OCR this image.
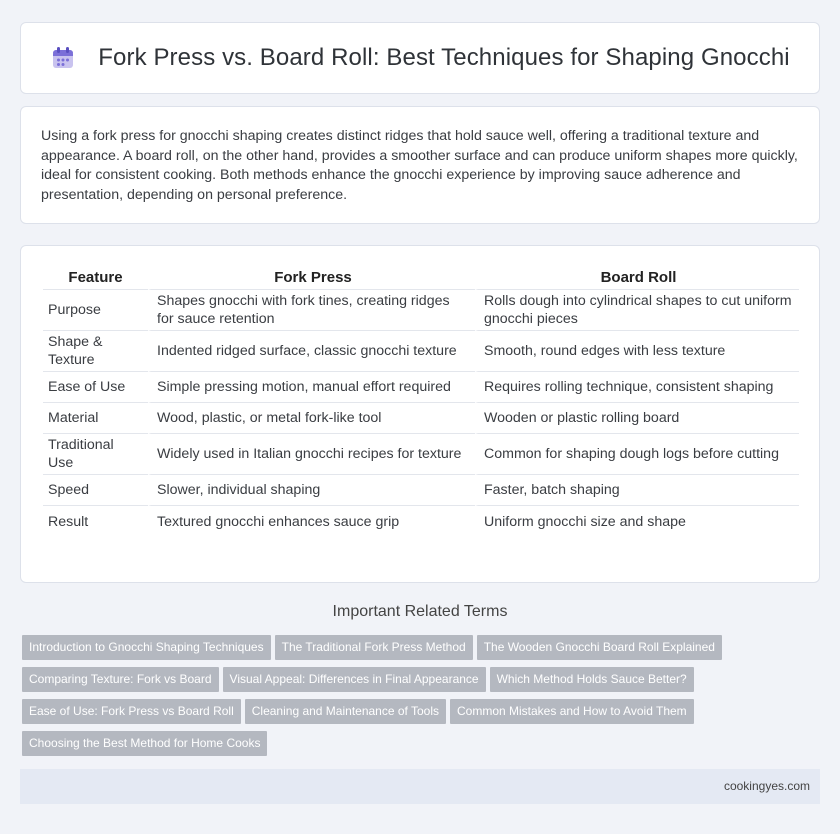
Fork Press vs. Board Roll: Best Techniques for Shaping Gnocchi

Using a fork press for gnocchi shaping creates distinct ridges that hold sauce well, offering a traditional texture and appearance. A board roll, on the other hand, provides a smoother surface and can produce uniform shapes more quickly, ideal for consistent cooking. Both methods enhance the gnocchi experience by improving sauce adherence and presentation, depending on personal preference.

Feature	Fork Press	Board Roll
Purpose	Shapes gnocchi with fork tines, creating ridges for sauce retention	Rolls dough into cylindrical shapes to cut uniform gnocchi pieces
Shape & Texture	Indented ridged surface, classic gnocchi texture	Smooth, round edges with less texture
Ease of Use	Simple pressing motion, manual effort required	Requires rolling technique, consistent shaping
Material	Wood, plastic, or metal fork-like tool	Wooden or plastic rolling board
Traditional Use	Widely used in Italian gnocchi recipes for texture	Common for shaping dough logs before cutting
Speed	Slower, individual shaping	Faster, batch shaping
Result	Textured gnocchi enhances sauce grip	Uniform gnocchi size and shape
Important Related Terms
Introduction to Gnocchi Shaping Techniques The Traditional Fork Press Method The Wooden Gnocchi Board Roll Explained
Comparing Texture: Fork vs Board Visual Appeal: Differences in Final Appearance Which Method Holds Sauce Better?
Ease of Use: Fork Press vs Board Roll Cleaning and Maintenance of Tools Common Mistakes and How to Avoid Them
Choosing the Best Method for Home Cooks
cookingyes.com
